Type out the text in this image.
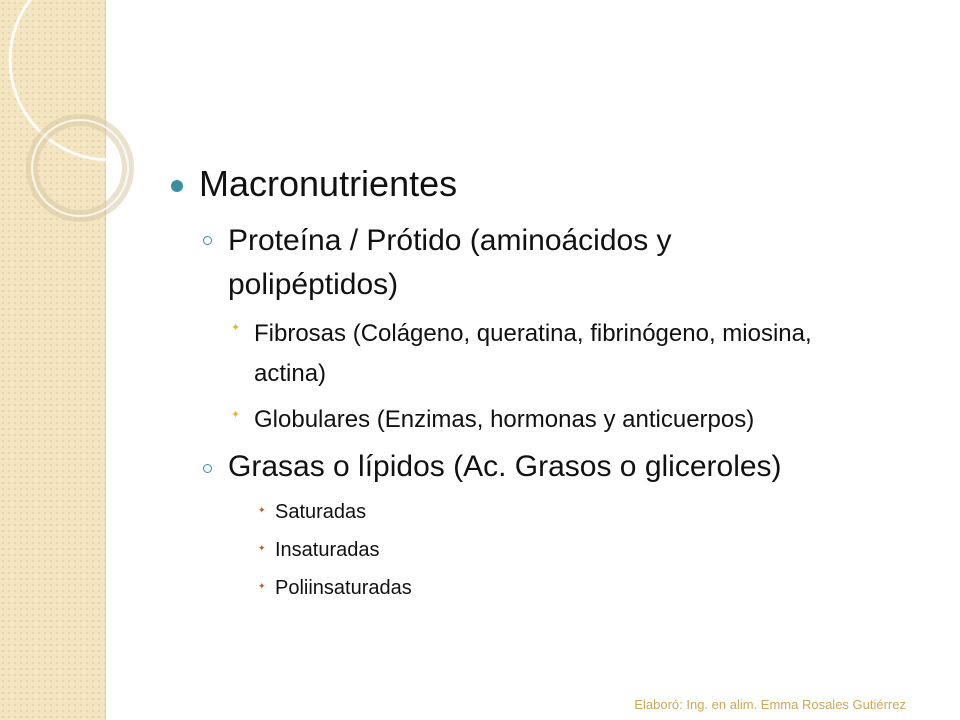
Macronutrientes
Proteína / Prótido (aminoácidos y
polipéptidos)
✦ Fibrosas (Colágeno, queratina, fibrinógeno, miosina,
actina)
✦ Globulares (Enzimas, hormonas y anticuerpos)
Grasas o lípidos (Ac. Grasos o gliceroles)
✦ Saturadas
✦ Insaturadas
✦ Poliinsaturadas
Elaboró: Ing. en alim. Emma Rosales Gutiérrez
